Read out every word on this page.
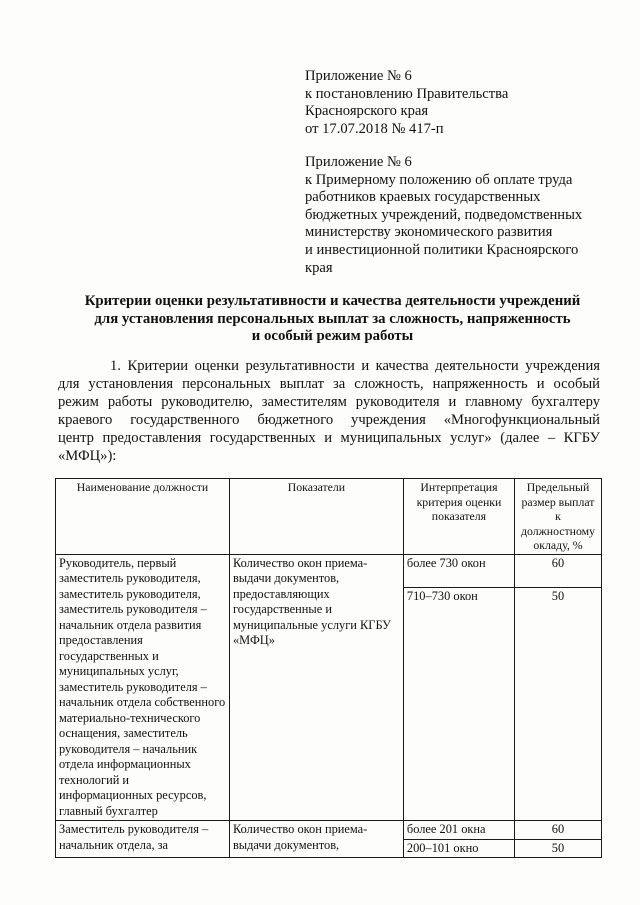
Приложение № 6
к постановлению Правительства
Красноярского края
от 17.07.2018 № 417-п
Приложение № 6
к Примерному положению об оплате труда
работников краевых государственных
бюджетных учреждений, подведомственных
министерству экономического развития
и инвестиционной политики Красноярского
края
Критерии оценки результативности и качества деятельности учреждений
для установления персональных выплат за сложность, напряженность
и особый режим работы
1. Критерии оценки результативности и качества деятельности учреждения
для установления персональных выплат за сложность, напряженность и особый
режим работы руководителю, заместителям руководителя и главному бухгалтеру
краевого государственного бюджетного учреждения «Многофункциональный
центр предоставления государственных и муниципальных услуг» (далее – КГБУ
«МФЦ»):
Наименование должности	Показатели	Интерпретация критерия оценки показателя	Предельный размер выплат к должностному окладу, %
Руководитель, первый заместитель руководителя, заместитель руководителя, заместитель руководителя – начальник отдела развития предоставления государственных и муниципальных услуг, заместитель руководителя – начальник отдела собственного материально-технического оснащения, заместитель руководителя – начальник отдела информационных технологий и информационных ресурсов, главный бухгалтер	Количество окон приема-выдачи документов, предоставляющих государственные и муниципальные услуги КГБУ «МФЦ»	более 730 окон	60
		710–730 окон	50
Заместитель руководителя – начальник отдела, за	Количество окон приема-выдачи документов,	более 201 окна	60
		200–101 окно	50
